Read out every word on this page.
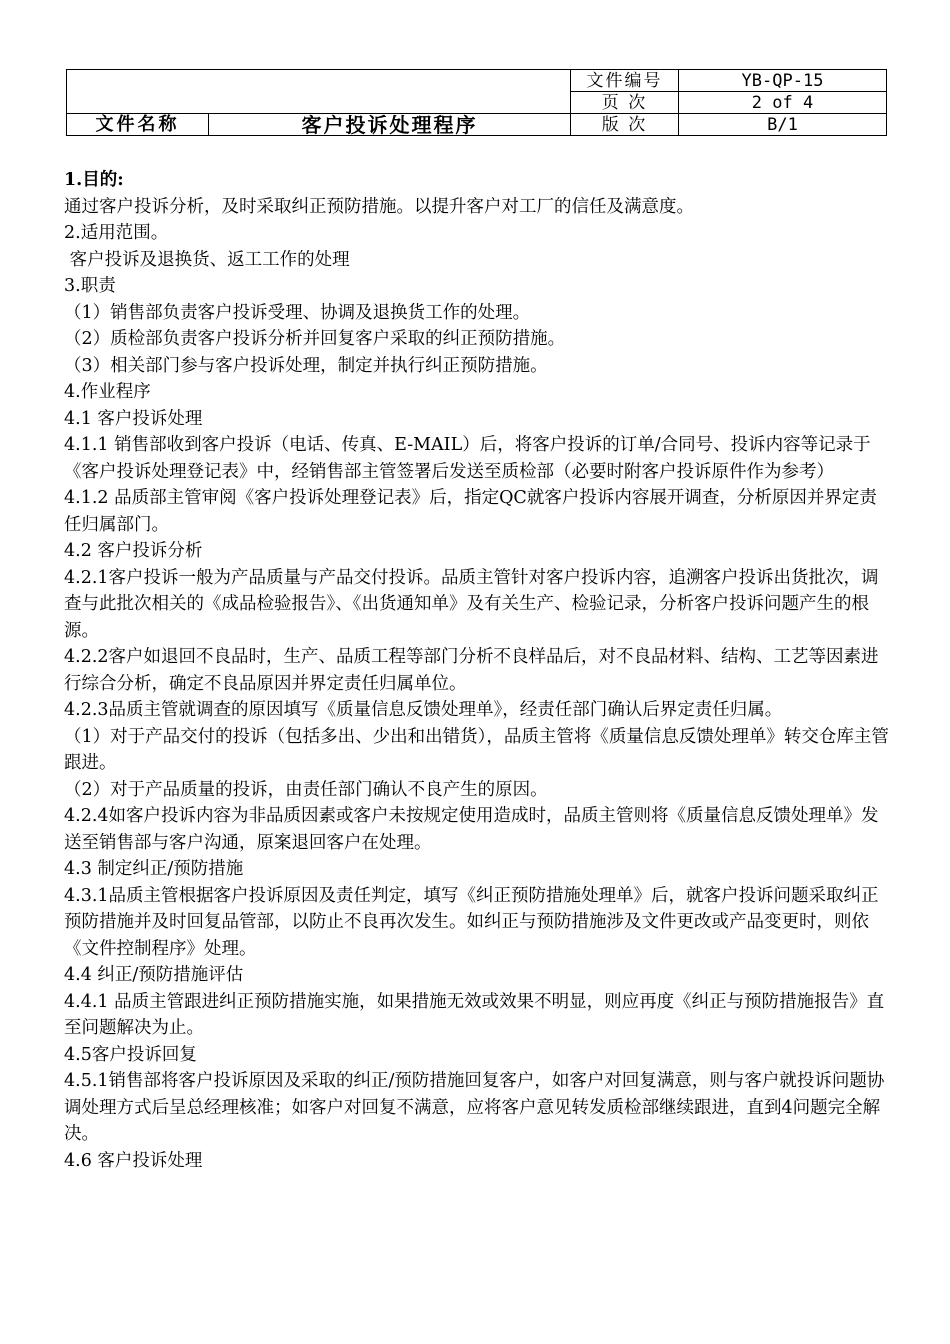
		文件编号	YB-QP-15
		页 次	2 of 4
文件名称	客户投诉处理程序	版 次	B/1

1.目的:

通过客户投诉分析，及时采取纠正预防措施。以提升客户对工厂的信任及满意度。

2.适用范围。

客户投诉及退换货、返工工作的处理

3.职责

（1）销售部负责客户投诉受理、协调及退换货工作的处理。

（2）质检部负责客户投诉分析并回复客户采取的纠正预防措施。

（3）相关部门参与客户投诉处理，制定并执行纠正预防措施。

4.作业程序

4.1 客户投诉处理

4.1.1 销售部收到客户投诉（电话、传真、E-MAIL）后，将客户投诉的订单/合同号、投诉内容等记录于《客户投诉处理登记表》中，经销售部主管签署后发送至质检部（必要时附客户投诉原件作为参考）

4.1.2 品质部主管审阅《客户投诉处理登记表》后，指定QC就客户投诉内容展开调查，分析原因并界定责任归属部门。

4.2 客户投诉分析

4.2.1客户投诉一般为产品质量与产品交付投诉。品质主管针对客户投诉内容，追溯客户投诉出货批次，调查与此批次相关的《成品检验报告》、《出货通知单》及有关生产、检验记录，分析客户投诉问题产生的根源。

4.2.2客户如退回不良品时，生产、品质工程等部门分析不良样品后，对不良品材料、结构、工艺等因素进行综合分析，确定不良品原因并界定责任归属单位。

4.2.3品质主管就调查的原因填写《质量信息反馈处理单》，经责任部门确认后界定责任归属。

（1）对于产品交付的投诉（包括多出、少出和出错货），品质主管将《质量信息反馈处理单》转交仓库主管跟进。

（2）对于产品质量的投诉，由责任部门确认不良产生的原因。

4.2.4如客户投诉内容为非品质因素或客户未按规定使用造成时，品质主管则将《质量信息反馈处理单》发送至销售部与客户沟通，原案退回客户在处理。

4.3 制定纠正/预防措施

4.3.1品质主管根据客户投诉原因及责任判定，填写《纠正预防措施处理单》后，就客户投诉问题采取纠正预防措施并及时回复品管部，以防止不良再次发生。如纠正与预防措施涉及文件更改或产品变更时，则依《文件控制程序》处理。

4.4 纠正/预防措施评估

4.4.1 品质主管跟进纠正预防措施实施，如果措施无效或效果不明显，则应再度《纠正与预防措施报告》直至问题解决为止。

4.5客户投诉回复

4.5.1销售部将客户投诉原因及采取的纠正/预防措施回复客户，如客户对回复满意，则与客户就投诉问题协调处理方式后呈总经理核准；如客户对回复不满意，应将客户意见转发质检部继续跟进，直到4问题完全解决。

4.6 客户投诉处理
